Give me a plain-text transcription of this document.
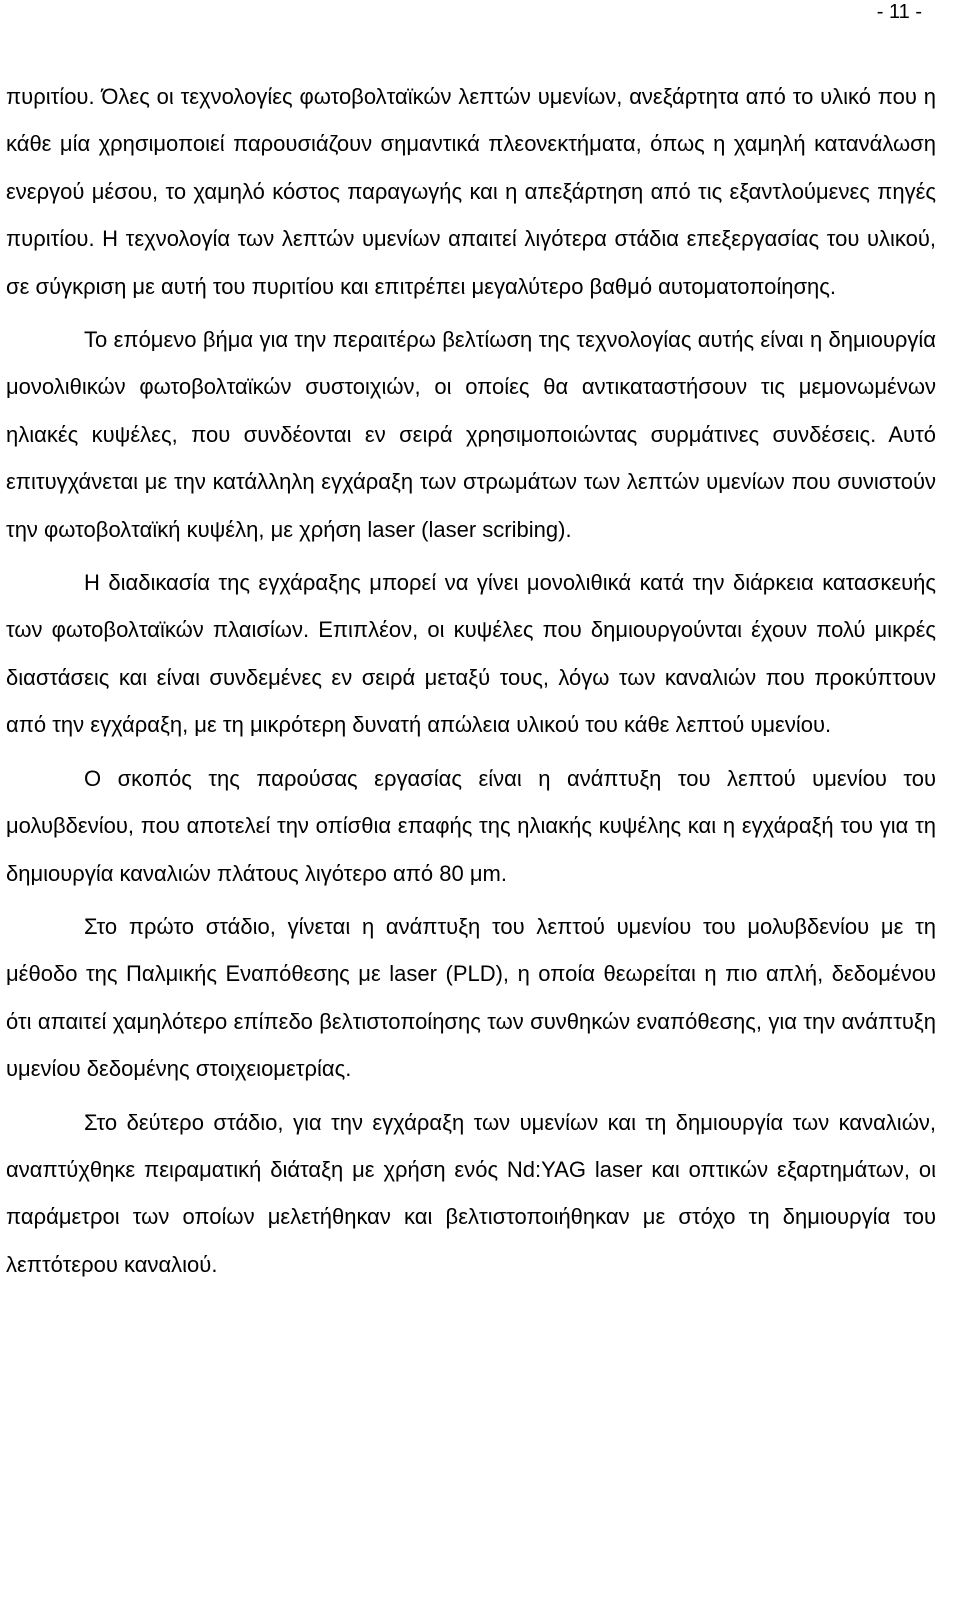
- 11 -

πυριτίου. Όλες οι τεχνολογίες φωτοβολταϊκών λεπτών υμενίων, ανεξάρτητα από το υλικό που η κάθε μία χρησιμοποιεί παρουσιάζουν σημαντικά πλεονεκτήματα, όπως η χαμηλή κατανάλωση ενεργού μέσου, το χαμηλό κόστος παραγωγής και η απεξάρτηση από τις εξαντλούμενες πηγές πυριτίου. Η τεχνολογία των λεπτών υμενίων απαιτεί λιγότερα στάδια επεξεργασίας του υλικού, σε σύγκριση με αυτή του πυριτίου και επιτρέπει μεγαλύτερο βαθμό αυτοματοποίησης.

Το επόμενο βήμα για την περαιτέρω βελτίωση της τεχνολογίας αυτής είναι η δημιουργία μονολιθικών φωτοβολταϊκών συστοιχιών, οι οποίες θα αντικαταστήσουν τις μεμονωμένων ηλιακές κυψέλες, που συνδέονται εν σειρά χρησιμοποιώντας συρμάτινες συνδέσεις. Αυτό επιτυγχάνεται με την κατάλληλη εγχάραξη των στρωμάτων των λεπτών υμενίων που συνιστούν την φωτοβολταϊκή κυψέλη, με χρήση laser (laser scribing).

Η διαδικασία της εγχάραξης μπορεί να γίνει μονολιθικά κατά την διάρκεια κατασκευής των φωτοβολταϊκών πλαισίων. Επιπλέον, οι κυψέλες που δημιουργούνται έχουν πολύ μικρές διαστάσεις και είναι συνδεμένες εν σειρά μεταξύ τους, λόγω των καναλιών που προκύπτουν από την εγχάραξη, με τη μικρότερη δυνατή απώλεια υλικού του κάθε λεπτού υμενίου.

Ο σκοπός της παρούσας εργασίας είναι η ανάπτυξη του λεπτού υμενίου του μολυβδενίου, που αποτελεί την οπίσθια επαφής της ηλιακής κυψέλης και η εγχάραξή του για τη δημιουργία καναλιών πλάτους λιγότερο από 80 μm.

Στο πρώτο στάδιο, γίνεται η ανάπτυξη του λεπτού υμενίου του μολυβδενίου με τη μέθοδο της Παλμικής Εναπόθεσης με laser (PLD), η οποία θεωρείται η πιο απλή, δεδομένου ότι απαιτεί χαμηλότερο επίπεδο βελτιστοποίησης των συνθηκών εναπόθεσης, για την ανάπτυξη υμενίου δεδομένης στοιχειομετρίας.

Στο δεύτερο στάδιο, για την εγχάραξη των υμενίων και τη δημιουργία των καναλιών, αναπτύχθηκε πειραματική διάταξη με χρήση ενός Nd:YAG laser και οπτικών εξαρτημάτων, οι παράμετροι των οποίων μελετήθηκαν και βελτιστοποιήθηκαν με στόχο τη δημιουργία του λεπτότερου καναλιού.
